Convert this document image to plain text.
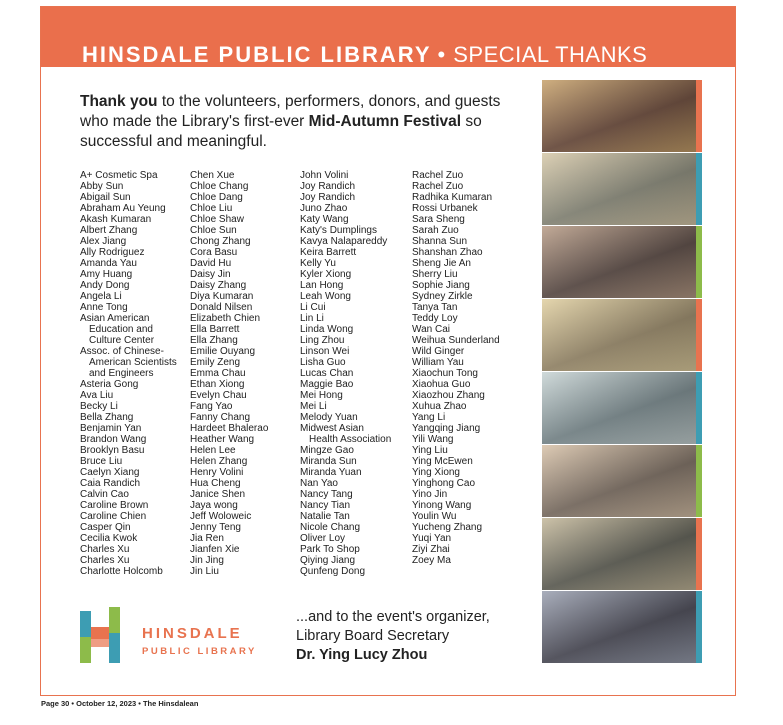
HINSDALE PUBLIC LIBRARY • SPECIAL THANKS
Thank you to the volunteers, performers, donors, and guests who made the Library's first-ever Mid-Autumn Festival so successful and meaningful.
A+ Cosmetic Spa
Abby Sun
Abigail Sun
Abraham Au Yeung
Akash Kumaran
Albert Zhang
Alex Jiang
Ally Rodriguez
Amanda Yau
Amy Huang
Andy Dong
Angela Li
Anne Tong
Asian American
Education and
Culture Center
Assoc. of Chinese-
American Scientists
and Engineers
Asteria Gong
Ava Liu
Becky Li
Bella Zhang
Benjamin Yan
Brandon Wang
Brooklyn Basu
Bruce Liu
Caelyn Xiang
Caia Randich
Calvin Cao
Caroline Brown
Caroline Chien
Casper Qin
Cecilia Kwok
Charles Xu
Charles Xu
Charlotte Holcomb
Chen Xue
Chloe Chang
Chloe Dang
Chloe Liu
Chloe Shaw
Chloe Sun
Chong Zhang
Cora Basu
David Hu
Daisy Jin
Daisy Zhang
Diya Kumaran
Donald Nilsen
Elizabeth Chien
Ella Barrett
Ella Zhang
Emilie Ouyang
Emily Zeng
Emma Chau
Ethan Xiong
Evelyn Chau
Fang Yao
Fanny Chang
Hardeet Bhalerao
Heather Wang
Helen Lee
Helen Zhang
Henry Volini
Hua Cheng
Janice Shen
Jaya wong
Jeff Woloweic
Jenny Teng
Jia Ren
Jianfen Xie
Jin Jing
Jin Liu
John Volini
Joy Randich
Joy Randich
Juno Zhao
Katy Wang
Katy's Dumplings
Kavya Nalapareddy
Keira Barrett
Kelly Yu
Kyler Xiong
Lan Hong
Leah Wong
Li Cui
Lin Li
Linda Wong
Ling Zhou
Linson Wei
Lisha Guo
Lucas Chan
Maggie Bao
Mei Hong
Mei Li
Melody Yuan
Midwest Asian
Health Association
Mingze Gao
Miranda Sun
Miranda Yuan
Nan Yao
Nancy Tang
Nancy Tian
Natalie Tan
Nicole Chang
Oliver Loy
Park To Shop
Qiying Jiang
Qunfeng Dong
Rachel Zuo
Rachel Zuo
Radhika Kumaran
Rossi Urbanek
Sara Sheng
Sarah Zuo
Shanna Sun
Shanshan Zhao
Sheng Jie An
Sherry Liu
Sophie Jiang
Sydney Zirkle
Tanya Tan
Teddy Loy
Wan Cai
Weihua Sunderland
Wild Ginger
William Yau
Xiaochun Tong
Xiaohua Guo
Xiaozhou Zhang
Xuhua Zhao
Yang Li
Yangqing Jiang
Yili Wang
Ying Liu
Ying McEwen
Ying Xiong
Yinghong Cao
Yino Jin
Yinong Wang
Youlin Wu
Yucheng Zhang
Yuqi Yan
Ziyi Zhai
Zoey Ma
HINSDALE
PUBLIC LIBRARY
...and to the event's organizer,
Library Board Secretary
Dr. Ying Lucy Zhou
Page 30 • October 12, 2023 • The Hinsdalean
